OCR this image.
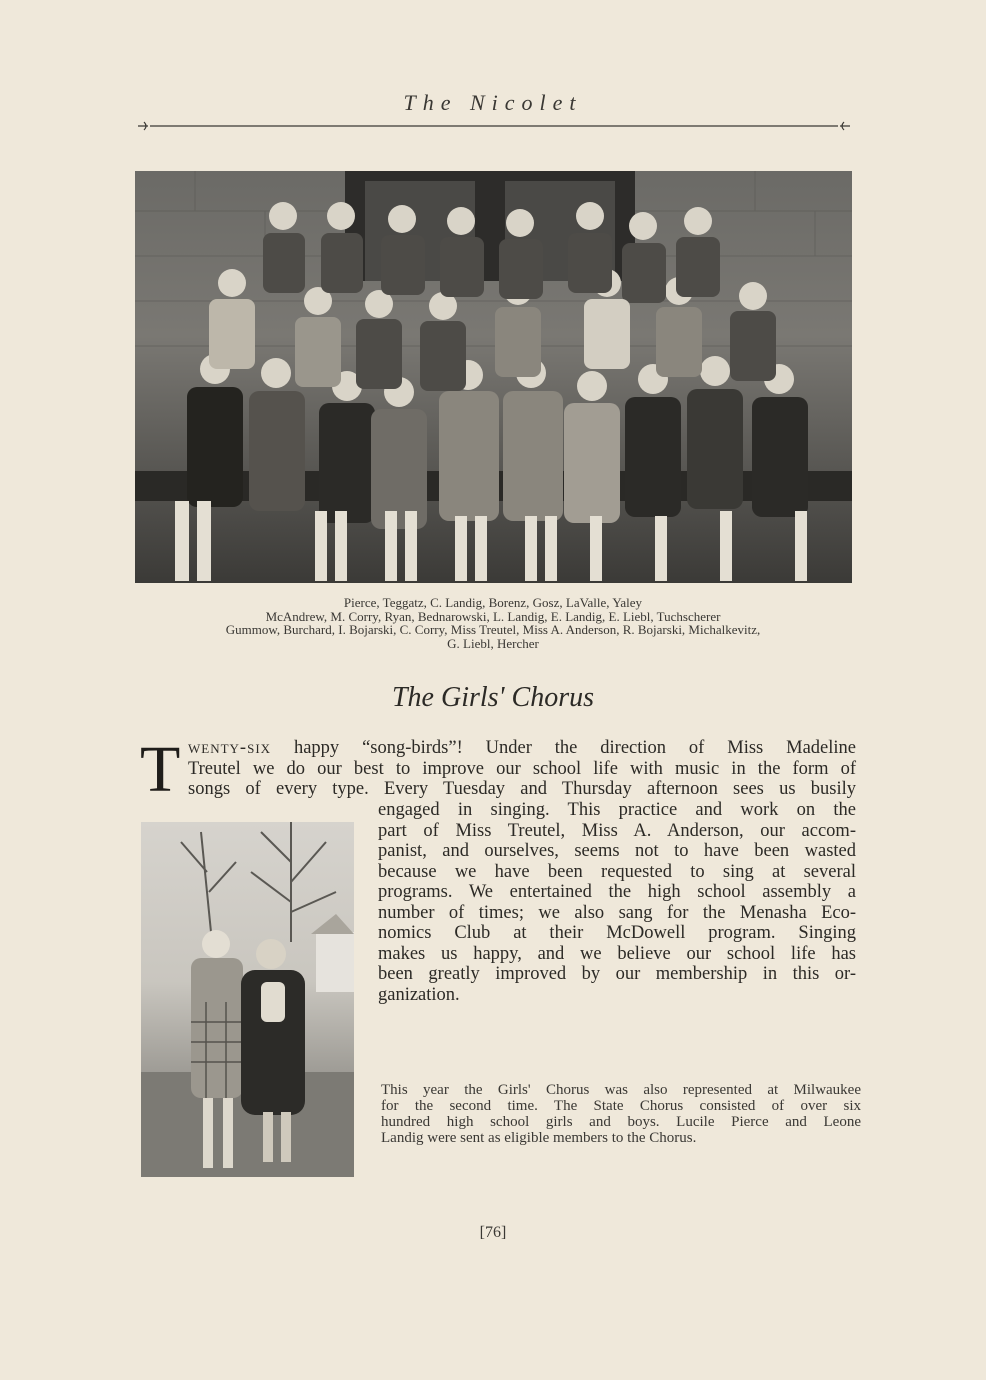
The Nicolet
Pierce, Teggatz, C. Landig, Borenz, Gosz, LaValle, Yaley
McAndrew, M. Corry, Ryan, Bednarowski, L. Landig, E. Landig, E. Liebl, Tuchscherer
Gummow, Burchard, I. Bojarski, C. Corry, Miss Treutel, Miss A. Anderson, R. Bojarski, Michalkevitz,
G. Liebl, Hercher
The Girls' Chorus
T wenty-six happy “song-birds”! Under the direction of Miss Madeline
Treutel we do our best to improve our school life with music in the form of
songs of every type. Every Tuesday and Thursday afternoon sees us busily
engaged in singing. This practice and work on the
part of Miss Treutel, Miss A. Anderson, our accom-
panist, and ourselves, seems not to have been wasted
because we have been requested to sing at several
programs. We entertained the high school assembly a
number of times; we also sang for the Menasha Eco-
nomics Club at their McDowell program. Singing
makes us happy, and we believe our school life has
been greatly improved by our membership in this or-
ganization.
This year the Girls' Chorus was also represented at Milwaukee
for the second time. The State Chorus consisted of over six
hundred high school girls and boys. Lucile Pierce and Leone
Landig were sent as eligible members to the Chorus.
[76]
